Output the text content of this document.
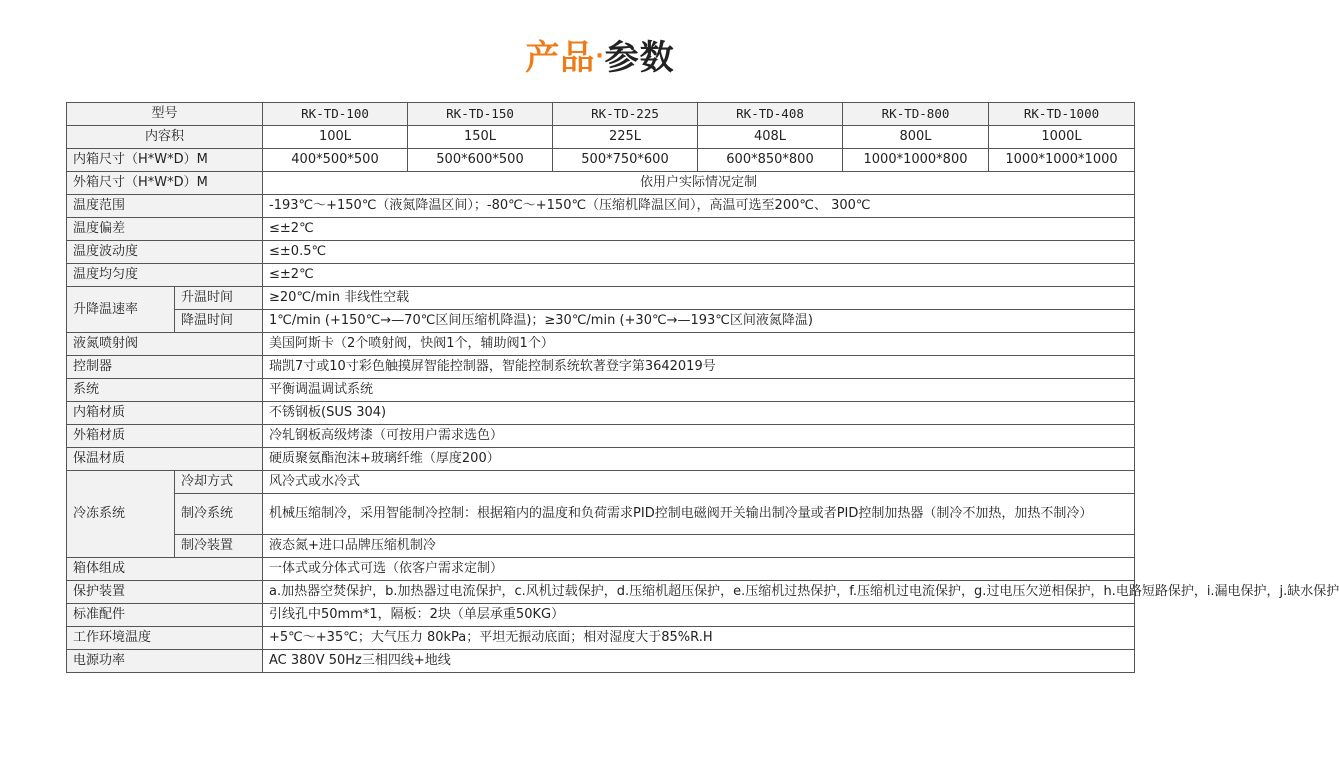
产品·参数
型号		RK-TD-100	RK-TD-150	RK-TD-225	RK-TD-408	RK-TD-800	RK-TD-1000
内容积		100L	150L	225L	408L	800L	1000L
内箱尺寸（H*W*D）M		400*500*500	500*600*500	500*750*600	600*850*800	1000*1000*800	1000*1000*1000
外箱尺寸（H*W*D）M		依用户实际情况定制					
温度范围		-193℃～+150℃（液氮降温区间）；-80℃～+150℃（压缩机降温区间），高温可选至200℃、 300℃					
温度偏差		≤±2℃					
温度波动度		≤±0.5℃					
温度均匀度		≤±2℃					
升降温速率	升温时间	≥20℃/min 非线性空载					
	降温时间	1℃/min (+150℃→—70℃区间压缩机降温)；≥30℃/min (+30℃→—193℃区间液氮降温)					
液氮喷射阀		美国阿斯卡（2个喷射阀，快阀1个，辅助阀1个）					
控制器		瑞凯7寸或10寸彩色触摸屏智能控制器，智能控制系统软著登字第3642019号					
系统		平衡调温调试系统					
内箱材质		不锈钢板(SUS 304)					
外箱材质		冷轧钢板高级烤漆（可按用户需求选色）					
保温材质		硬质聚氨酯泡沫+玻璃纤维（厚度200）					
冷冻系统	冷却方式	风冷式或水冷式					
	制冷系统	机械压缩制冷，采用智能制冷控制：根据箱内的温度和负荷需求PID控制电磁阀开关输出制冷量或者PID控制加热器（制冷不加热，加热不制冷）					
	制冷装置	液态氮+进口品牌压缩机制冷					
箱体组成		一体式或分体式可选（依客户需求定制）					
保护装置		a.加热器空焚保护，b.加热器过电流保护，c.风机过载保护，d.压缩机超压保护，e.压缩机过热保护，f.压缩机过电流保护，g.过电压欠逆相保护，h.电路短路保护，i.漏电保护，j.缺水保护					
标准配件		引线孔中50mm*1，隔板：2块（单层承重50KG）					
工作环境温度		+5℃～+35℃；大气压力 80kPa；平坦无振动底面；相对湿度大于85%R.H					
电源功率		AC 380V 50Hz三相四线+地线					
